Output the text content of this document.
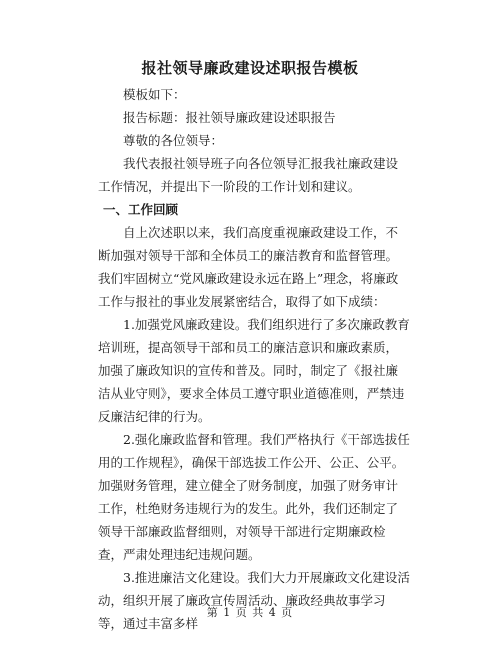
报社领导廉政建设述职报告模板

模板如下：

报告标题：报社领导廉政建设述职报告

尊敬的各位领导：

我代表报社领导班子向各位领导汇报我社廉政建设工作情况，并提出下一阶段的工作计划和建议。

一、工作回顾

自上次述职以来，我们高度重视廉政建设工作，不断加强对领导干部和全体员工的廉洁教育和监督管理。我们牢固树立“党风廉政建设永远在路上”理念，将廉政工作与报社的事业发展紧密结合，取得了如下成绩：

1.加强党风廉政建设。我们组织进行了多次廉政教育培训班，提高领导干部和员工的廉洁意识和廉政素质，加强了廉政知识的宣传和普及。同时，制定了《报社廉洁从业守则》，要求全体员工遵守职业道德准则，严禁违反廉洁纪律的行为。

2.强化廉政监督和管理。我们严格执行《干部选拔任用的工作规程》，确保干部选拔工作公开、公正、公平。加强财务管理，建立健全了财务制度，加强了财务审计工作，杜绝财务违规行为的发生。此外，我们还制定了领导干部廉政监督细则，对领导干部进行定期廉政检查，严肃处理违纪违规问题。

3.推进廉洁文化建设。我们大力开展廉政文化建设活动，组织开展了廉政宣传周活动、廉政经典故事学习等，通过丰富多样

第 1 页 共 4 页
